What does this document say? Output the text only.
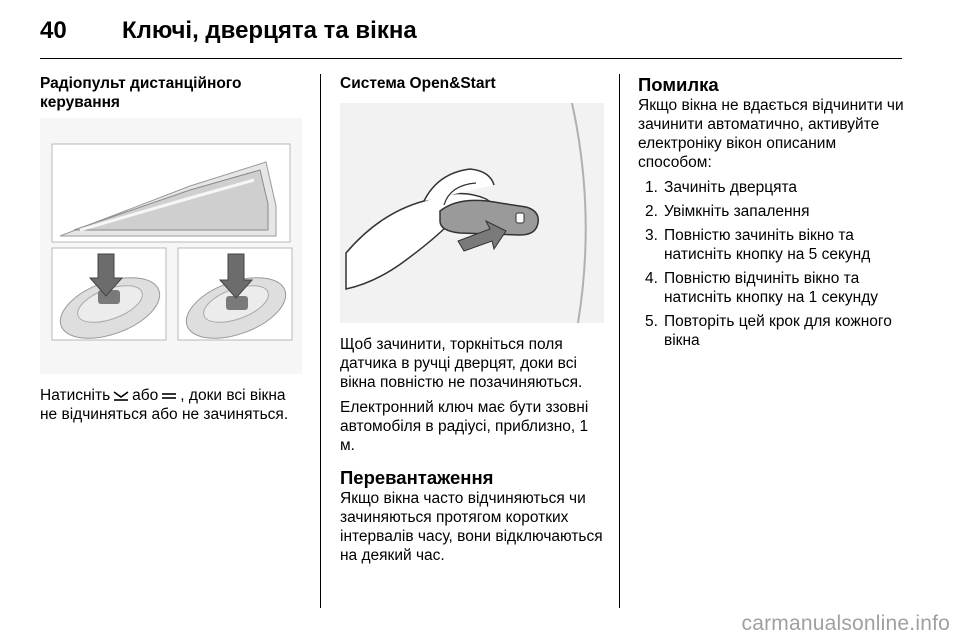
40 Ключі, дверцята та вікна
Радіопульт дистанційного керування

Натисніть або , доки всі вікна не відчиняться або не зачиняться.

Система Open&Start

Щоб зачинити, торкніться поля датчика в ручці дверцят, доки всі вікна повністю не позачиняються.

Електронний ключ має бути ззовні автомобіля в радіусі, приблизно, 1 м.

Перевантаження

Якщо вікна часто відчиняються чи зачиняються протягом коротких інтервалів часу, вони відключаються на деякий час.

Помилка

Якщо вікна не вдається відчинити чи зачинити автоматично, активуйте електроніку вікон описаним способом:

1. Зачиніть дверцята
2. Увімкніть запалення
3. Повністю зачиніть вікно та натисніть кнопку на 5 секунд
4. Повністю відчиніть вікно та натисніть кнопку на 1 секунду
5. Повторіть цей крок для кожного вікна
carmanualsonline.info
